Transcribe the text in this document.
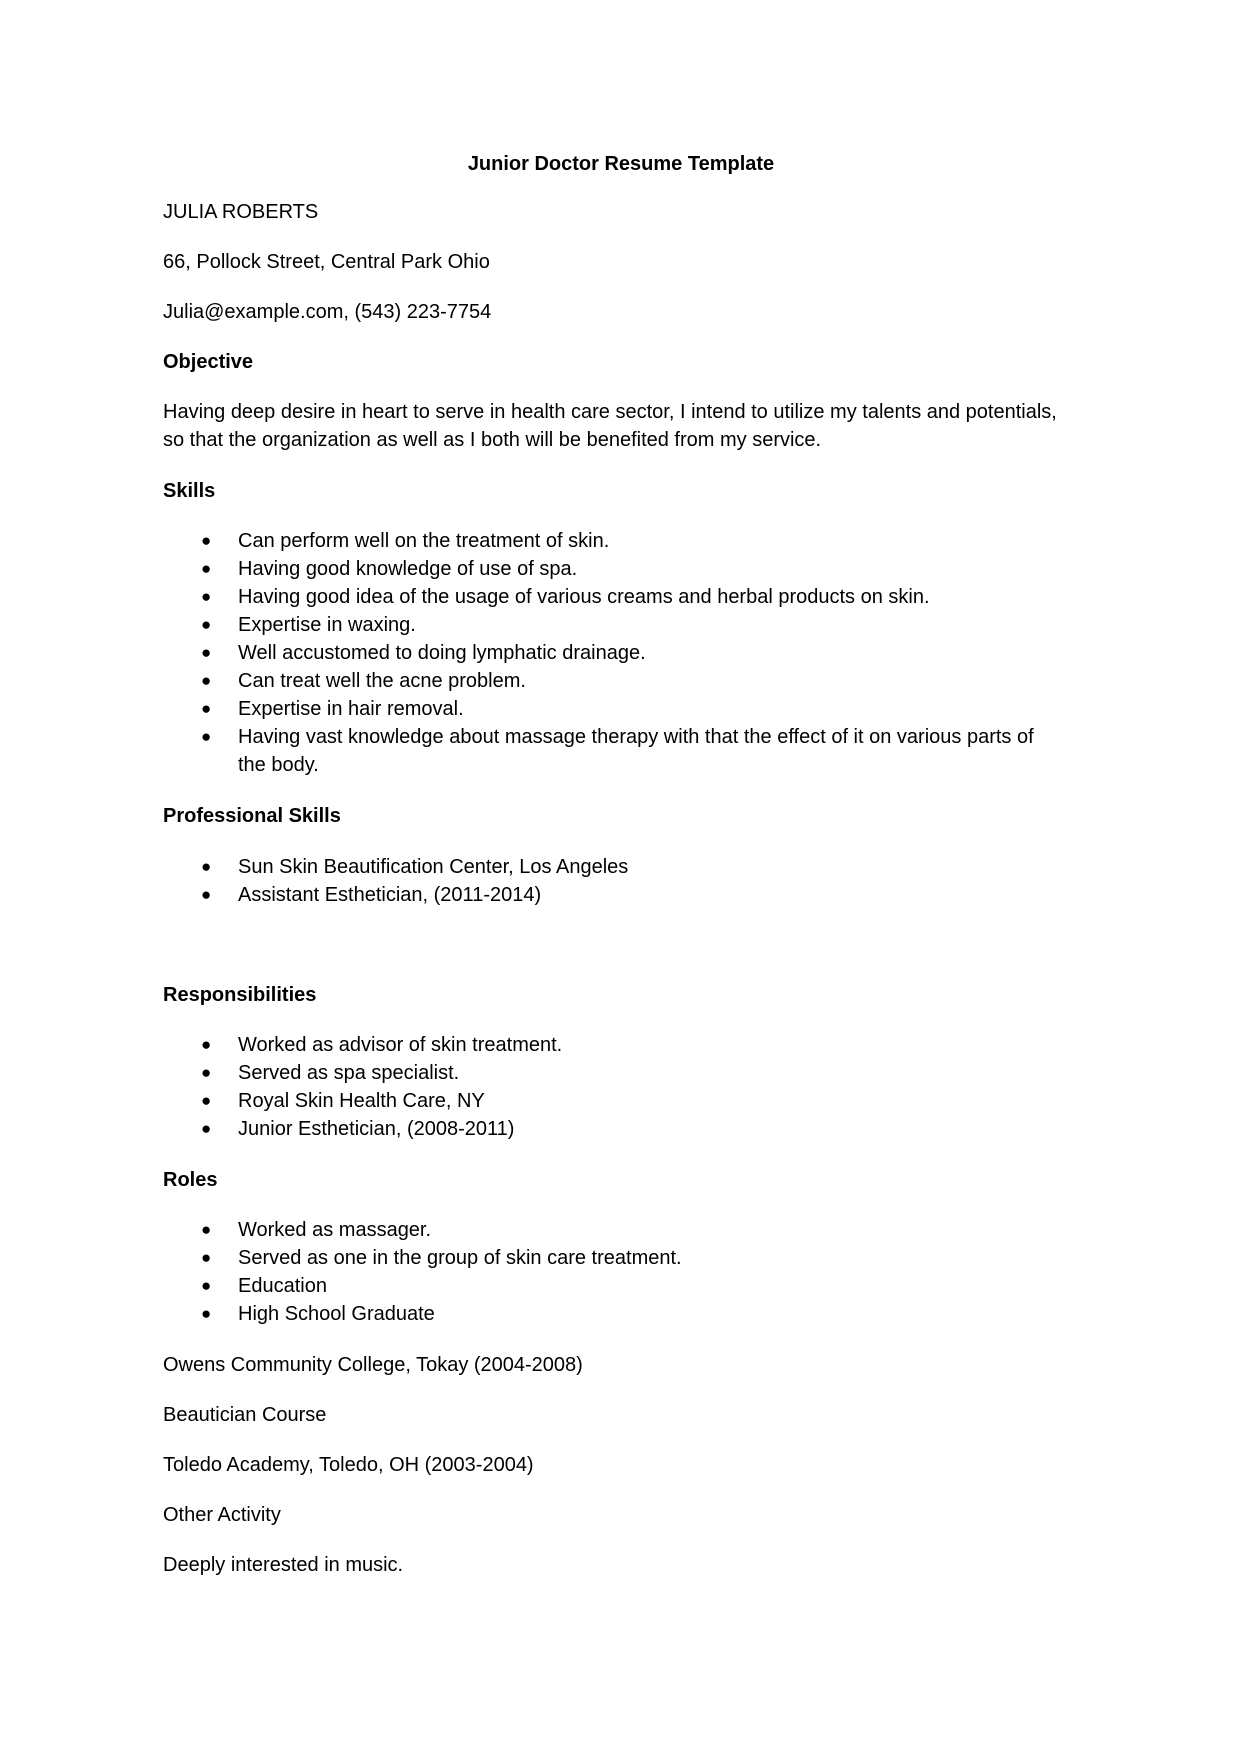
Junior Doctor Resume Template
JULIA ROBERTS
66, Pollock Street, Central Park Ohio
Julia@example.com, (543) 223-7754
Objective
Having deep desire in heart to serve in health care sector, I intend to utilize my talents and potentials, so that the organization as well as I both will be benefited from my service.
Skills
● Can perform well on the treatment of skin.
● Having good knowledge of use of spa.
● Having good idea of the usage of various creams and herbal products on skin.
● Expertise in waxing.
● Well accustomed to doing lymphatic drainage.
● Can treat well the acne problem.
● Expertise in hair removal.
● Having vast knowledge about massage therapy with that the effect of it on various parts of the body.
Professional Skills
● Sun Skin Beautification Center, Los Angeles
● Assistant Esthetician, (2011-2014)
Responsibilities
● Worked as advisor of skin treatment.
● Served as spa specialist.
● Royal Skin Health Care, NY
● Junior Esthetician, (2008-2011)
Roles
● Worked as massager.
● Served as one in the group of skin care treatment.
● Education
● High School Graduate
Owens Community College, Tokay (2004-2008)
Beautician Course
Toledo Academy, Toledo, OH (2003-2004)
Other Activity
Deeply interested in music.
